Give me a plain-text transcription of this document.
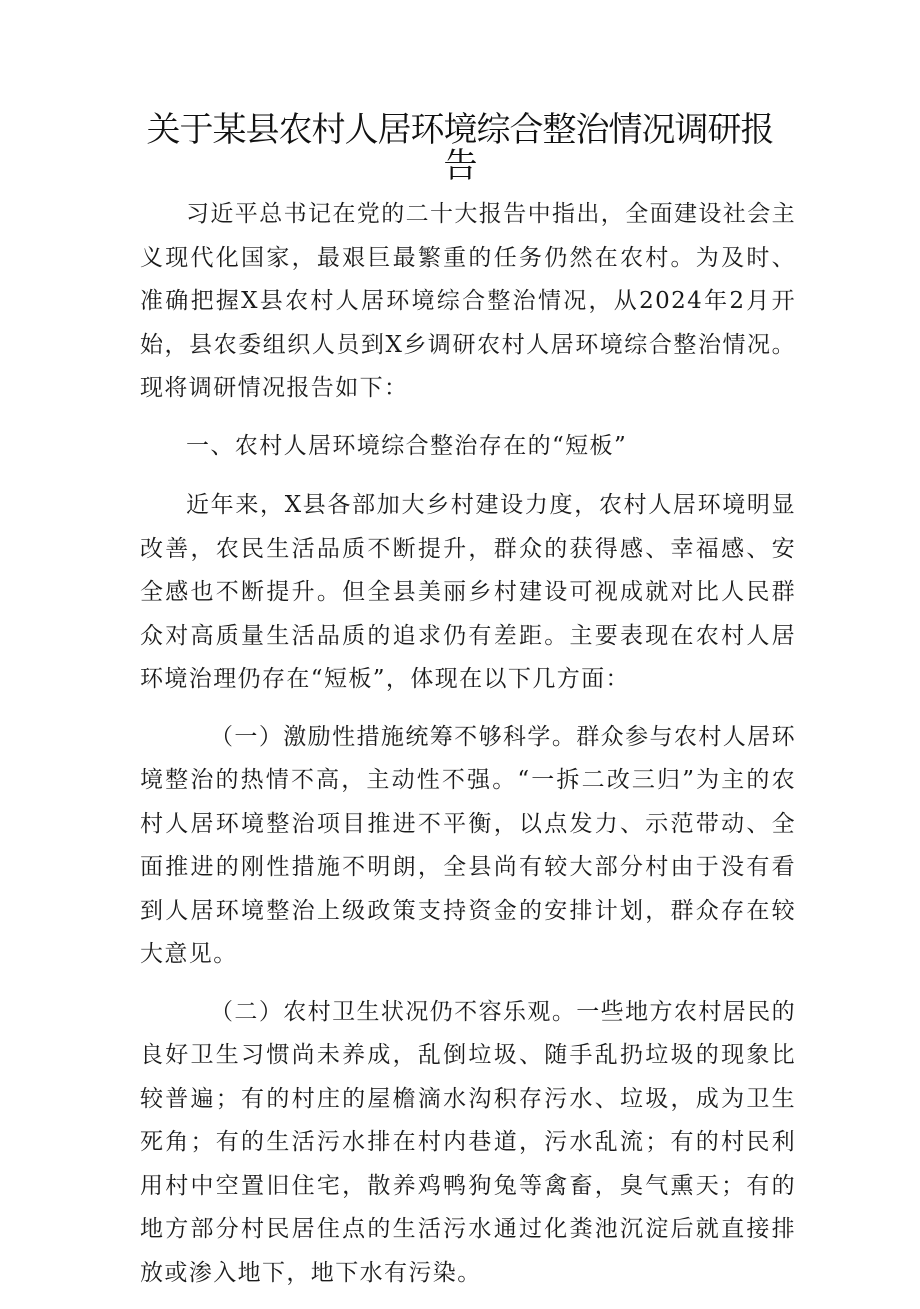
关于某县农村人居环境综合整治情况调研报告

习近平总书记在党的二十大报告中指出，全面建设社会主义现代化国家，最艰巨最繁重的任务仍然在农村。为及时、准确把握X县农村人居环境综合整治情况，从2024年2月开始，县农委组织人员到X乡调研农村人居环境综合整治情况。现将调研情况报告如下：

一、农村人居环境综合整治存在的“短板”

近年来，X县各部加大乡村建设力度，农村人居环境明显改善，农民生活品质不断提升，群众的获得感、幸福感、安全感也不断提升。但全县美丽乡村建设可视成就对比人民群众对高质量生活品质的追求仍有差距。主要表现在农村人居环境治理仍存在“短板”，体现在以下几方面：

（一）激励性措施统筹不够科学。群众参与农村人居环境整治的热情不高，主动性不强。“一拆二改三归”为主的农村人居环境整治项目推进不平衡，以点发力、示范带动、全面推进的刚性措施不明朗，全县尚有较大部分村由于没有看到人居环境整治上级政策支持资金的安排计划，群众存在较大意见。

（二）农村卫生状况仍不容乐观。一些地方农村居民的良好卫生习惯尚未养成，乱倒垃圾、随手乱扔垃圾的现象比较普遍；有的村庄的屋檐滴水沟积存污水、垃圾，成为卫生死角；有的生活污水排在村内巷道，污水乱流；有的村民利用村中空置旧住宅，散养鸡鸭狗兔等禽畜，臭气熏天；有的地方部分村民居住点的生活污水通过化粪池沉淀后就直接排放或渗入地下，地下水有污染。
